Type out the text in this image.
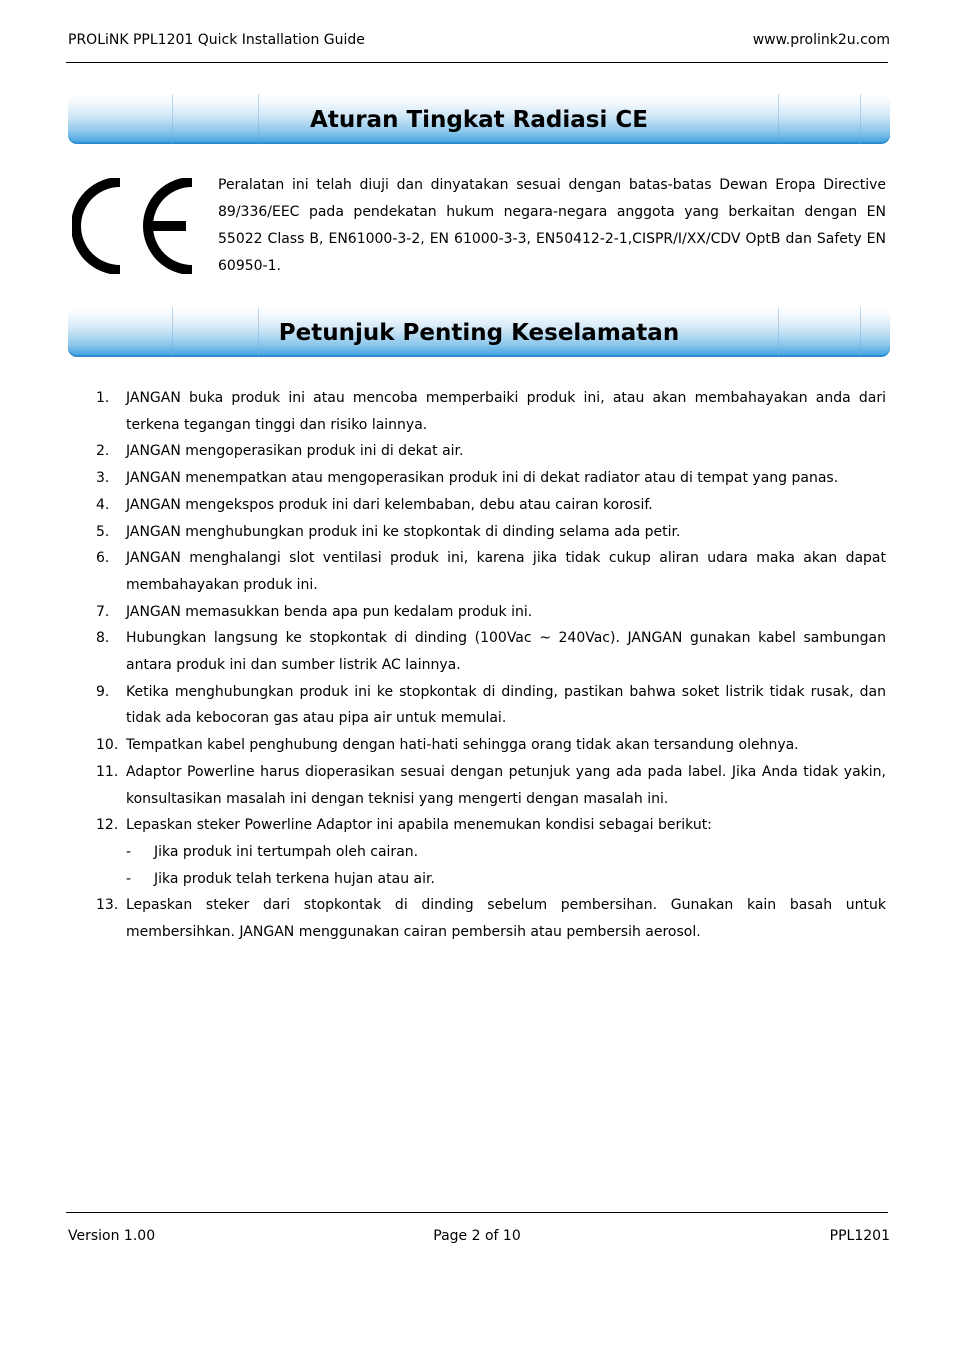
PROLiNK PPL1201 Quick Installation Guide	www.prolink2u.com
Aturan Tingkat Radiasi CE
Peralatan ini telah diuji dan dinyatakan sesuai dengan batas-batas Dewan Eropa Directive 89/336/EEC pada pendekatan hukum negara-negara anggota yang berkaitan dengan EN 55022 Class B, EN61000-3-2, EN 61000-3-3, EN50412-2-1,CISPR/I/XX/CDV OptB dan Safety EN 60950-1.
Petunjuk Penting Keselamatan
1.	JANGAN buka produk ini atau mencoba memperbaiki produk ini, atau akan membahayakan anda dari terkena tegangan tinggi dan risiko lainnya.
2.	JANGAN mengoperasikan produk ini di dekat air.
3.	JANGAN menempatkan atau mengoperasikan produk ini di dekat radiator atau di tempat yang panas.
4.	JANGAN mengekspos produk ini dari kelembaban, debu atau cairan korosif.
5.	JANGAN menghubungkan produk ini ke stopkontak di dinding selama ada petir.
6.	JANGAN menghalangi slot ventilasi produk ini, karena jika tidak cukup aliran udara maka akan dapat membahayakan produk ini.
7.	JANGAN memasukkan benda apa pun kedalam produk ini.
8.	Hubungkan langsung ke stopkontak di dinding (100Vac ~ 240Vac). JANGAN gunakan kabel sambungan antara produk ini dan sumber listrik AC lainnya.
9.	Ketika menghubungkan produk ini ke stopkontak di dinding, pastikan bahwa soket listrik tidak rusak, dan tidak ada kebocoran gas atau pipa air untuk memulai.
10. Tempatkan kabel penghubung dengan hati-hati sehingga orang tidak akan tersandung olehnya.
11. Adaptor Powerline harus dioperasikan sesuai dengan petunjuk yang ada pada label. Jika Anda tidak yakin, konsultasikan masalah ini dengan teknisi yang mengerti dengan masalah ini.
12. Lepaskan steker Powerline Adaptor ini apabila menemukan kondisi sebagai berikut:
- Jika produk ini tertumpah oleh cairan.
- Jika produk telah terkena hujan atau air.
13. Lepaskan steker dari stopkontak di dinding sebelum pembersihan. Gunakan kain basah untuk membersihkan. JANGAN menggunakan cairan pembersih atau pembersih aerosol.
Version 1.00	Page 2 of 10	PPL1201
